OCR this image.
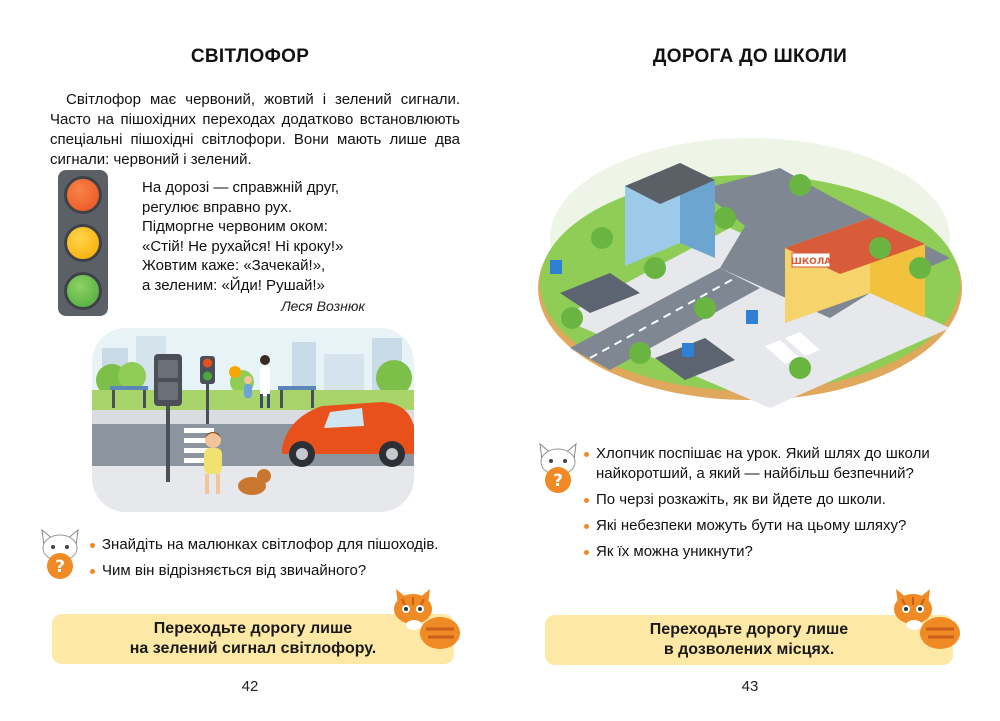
СВІТЛОФОР

Світлофор має червоний, жовтий і зелений сигнали. Часто на пішохідних переходах додатково встановлюють спеціальні пішохідні світлофори. Вони мають лише два сигнали: червоний і зелений.

На дорозі — справжній друг,
регулює вправно рух.
Підморгне червоним оком:
«Стій! Не рухайся! Ні кроку!»
Жовтим каже: «Зачекай!»,
а зеленим: «Йди! Рушай!»
Леся Вознюк
?
Знайдіть на малюнках світлофор для пішоходів.
Чим він відрізняється від звичайного?
Переходьте дорогу лише
на зелений сигнал світлофору.
42
ДОРОГА ДО ШКОЛИ
ШКОЛА
?
Хлопчик поспішає на урок. Який шлях до школи найкоротший, а який — найбільш безпечний?
По черзі розкажіть, як ви йдете до школи.
Які небезпеки можуть бути на цьому шляху?
Як їх можна уникнути?
Переходьте дорогу лише
в дозволених місцях.
43
